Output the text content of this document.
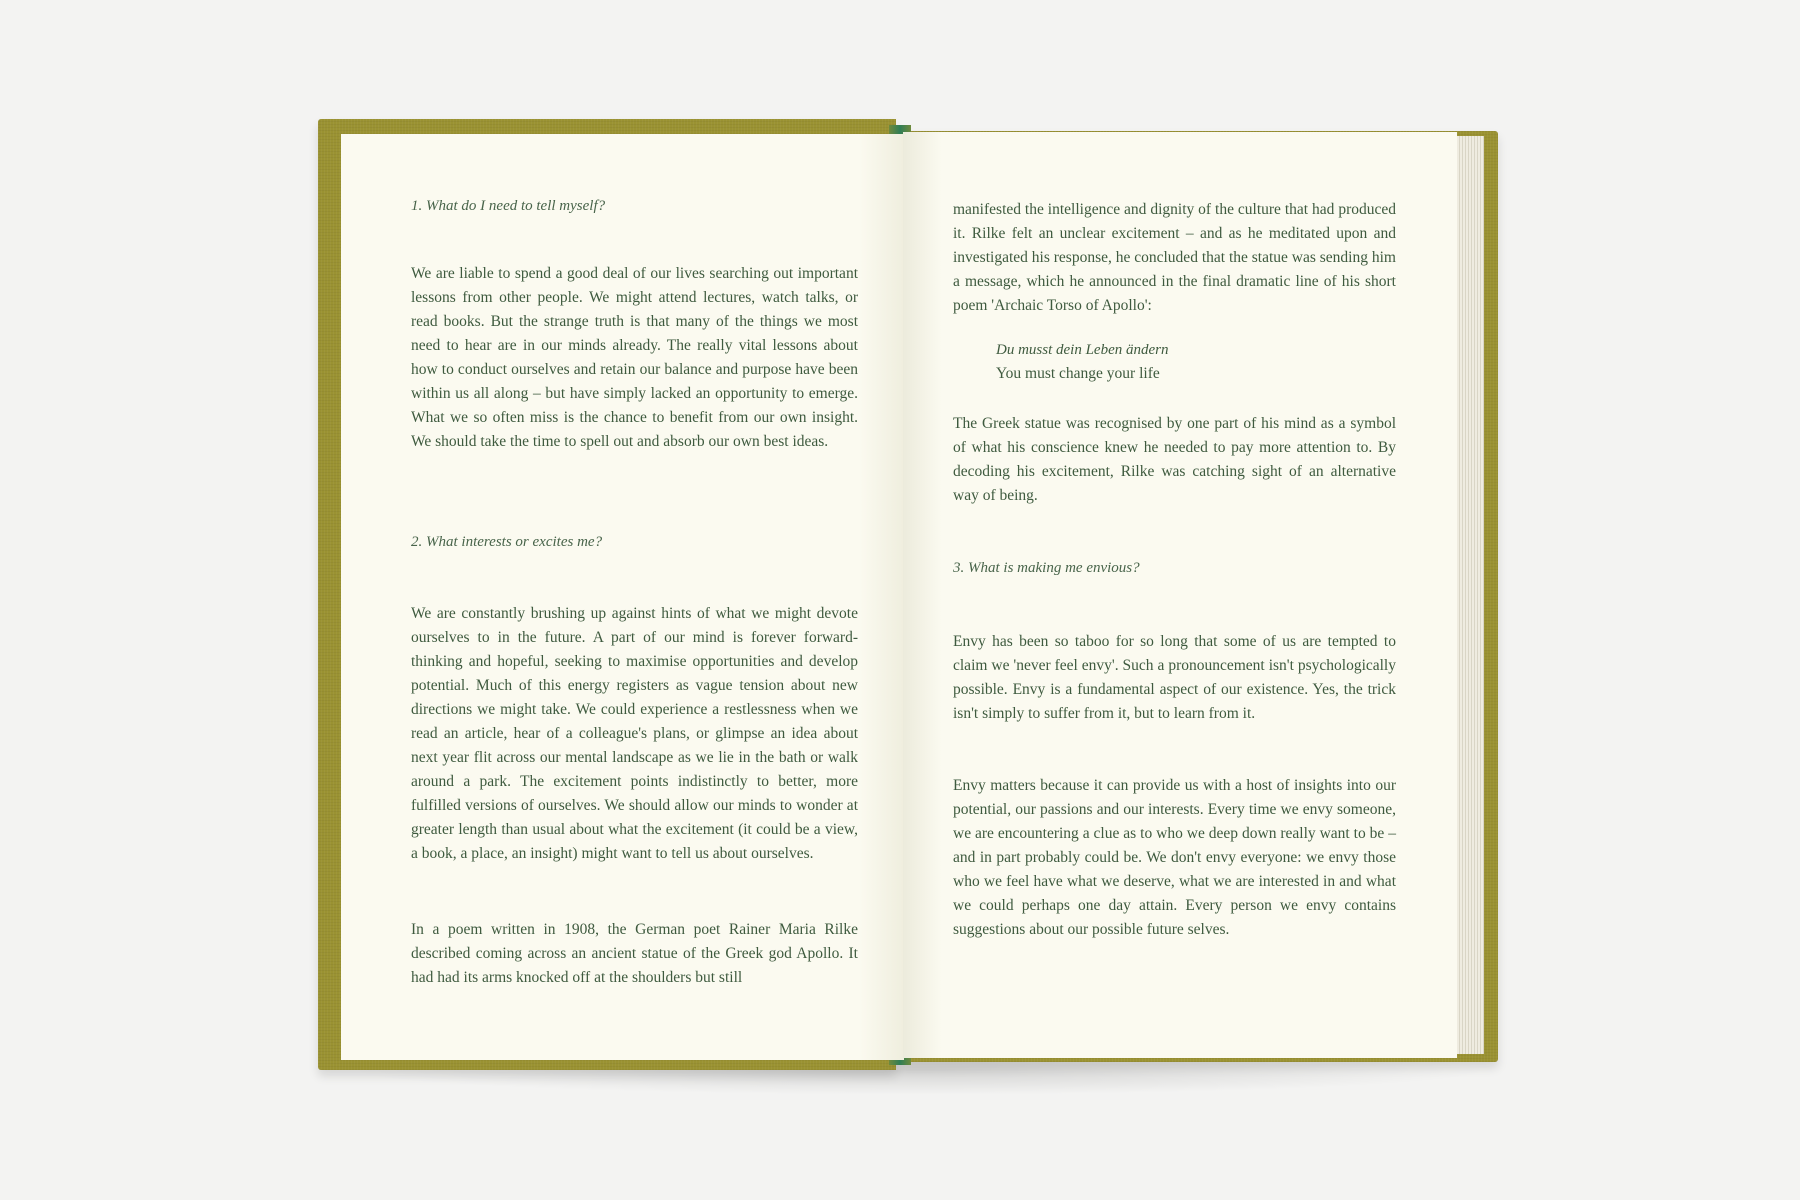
1. What do I need to tell myself?

We are liable to spend a good deal of our lives searching out important lessons from other people. We might attend lectures, watch talks, or read books. But the strange truth is that many of the things we most need to hear are in our minds already. The really vital lessons about how to conduct ourselves and retain our balance and purpose have been within us all along – but have simply lacked an opportunity to emerge. What we so often miss is the chance to benefit from our own insight. We should take the time to spell out and absorb our own best ideas.

2. What interests or excites me?

We are constantly brushing up against hints of what we might devote ourselves to in the future. A part of our mind is forever forward-thinking and hopeful, seeking to maximise opportunities and develop potential. Much of this energy registers as vague tension about new directions we might take. We could experience a restlessness when we read an article, hear of a colleague's plans, or glimpse an idea about next year flit across our mental landscape as we lie in the bath or walk around a park. The excitement points indistinctly to better, more fulfilled versions of ourselves. We should allow our minds to wonder at greater length than usual about what the excitement (it could be a view, a book, a place, an insight) might want to tell us about ourselves.

In a poem written in 1908, the German poet Rainer Maria Rilke described coming across an ancient statue of the Greek god Apollo. It had had its arms knocked off at the shoulders but still

manifested the intelligence and dignity of the culture that had produced it. Rilke felt an unclear excitement – and as he meditated upon and investigated his response, he concluded that the statue was sending him a message, which he announced in the final dramatic line of his short poem 'Archaic Torso of Apollo':

Du musst dein Leben ändern
You must change your life

The Greek statue was recognised by one part of his mind as a symbol of what his conscience knew he needed to pay more attention to. By decoding his excitement, Rilke was catching sight of an alternative way of being.

3. What is making me envious?

Envy has been so taboo for so long that some of us are tempted to claim we 'never feel envy'. Such a pronouncement isn't psychologically possible. Envy is a fundamental aspect of our existence. Yes, the trick isn't simply to suffer from it, but to learn from it.

Envy matters because it can provide us with a host of insights into our potential, our passions and our interests. Every time we envy someone, we are encountering a clue as to who we deep down really want to be – and in part probably could be. We don't envy everyone: we envy those who we feel have what we deserve, what we are interested in and what we could perhaps one day attain. Every person we envy contains suggestions about our possible future selves.
